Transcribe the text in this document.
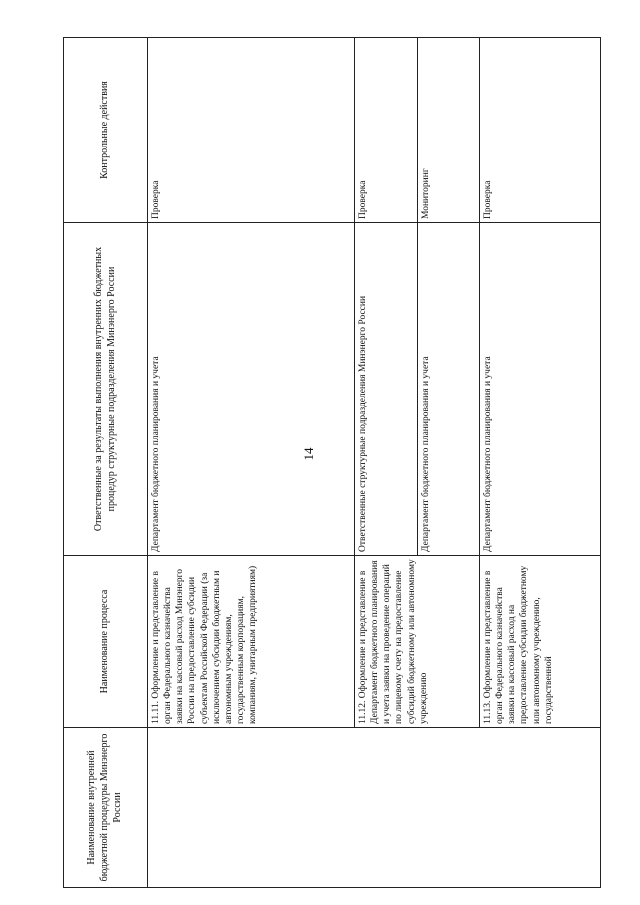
14
Наименование внутренней бюджетной процедуры Минэнерго России	Наименование процесса	Ответственные за результаты выполнения внутренних бюджетных процедур структурные подразделения Минэнерго России	Контрольные действия

	11.11. Оформление и представление в орган Федерального казначейства заявки на кассовый расход Минэнерго России на предоставление субсидии субъектам Российской Федерации (за исключением субсидии бюджетным и автономным учреждениям, государственным корпорациям, компаниям, унитарным предприятиям)	Департамент бюджетного планирования и учета	Проверка

	11.12. Оформление и представление в Департамент бюджетного планирования и учета заявки на проведение операций по лицевому счету на предоставление субсидий бюджетному или автономному учреждению	Ответственные структурные подразделения Минэнерго России	Проверка
		Департамент бюджетного планирования и учета	Мониторинг

	11.13. Оформление и представление в орган Федерального казначейства заявки на кассовый расход на предоставление субсидии бюджетному или автономному учреждению, государственной	Департамент бюджетного планирования и учета	Проверка
